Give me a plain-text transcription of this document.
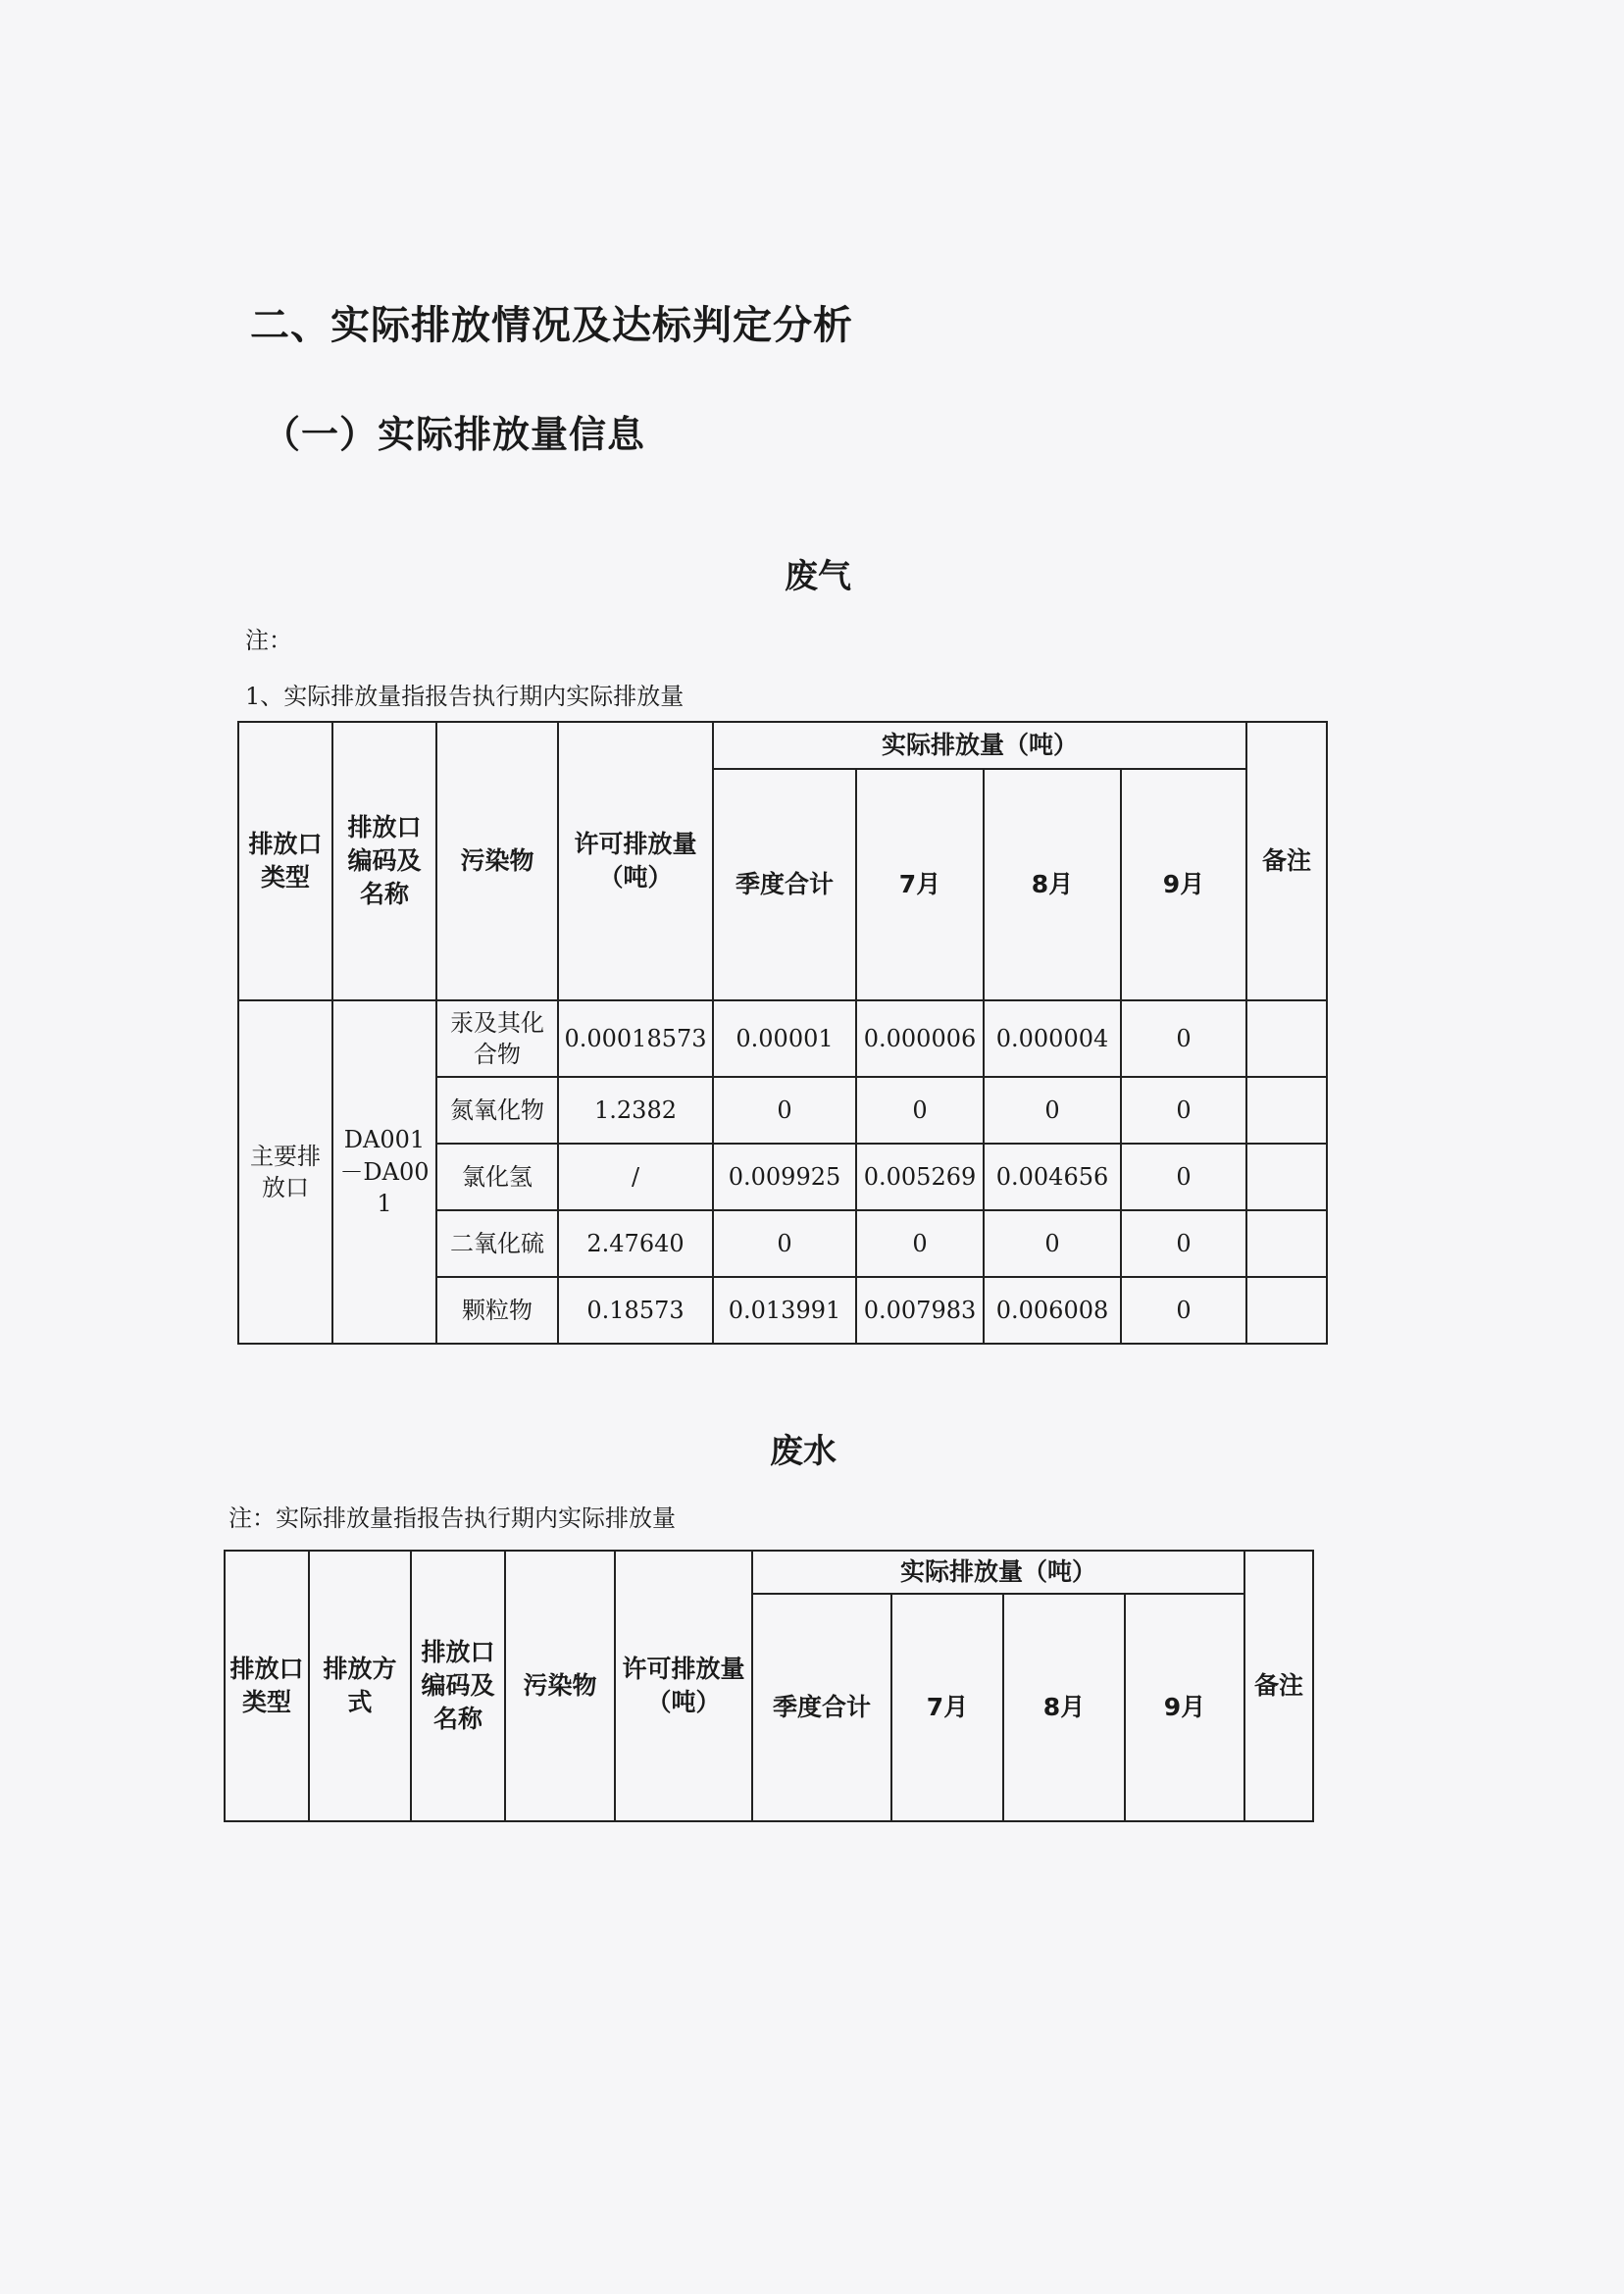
二、实际排放情况及达标判定分析
（一）实际排放量信息
废气
注：
1、实际排放量指报告执行期内实际排放量
排放口类型	排放口编码及名称	污染物	许可排放量（吨）	实际排放量（吨）				备注
				季度合计	7月	8月	9月	
主要排放口	DA001－DA001	汞及其化合物	0.00018573	0.00001	0.000006	0.000004	0	
		氮氧化物	1.2382	0	0	0	0	
		氯化氢	/	0.009925	0.005269	0.004656	0	
		二氧化硫	2.47640	0	0	0	0	
		颗粒物	0.18573	0.013991	0.007983	0.006008	0	
废水
注：实际排放量指报告执行期内实际排放量
排放口类型	排放方式	排放口编码及名称	污染物	许可排放量（吨）	实际排放量（吨）				备注
					季度合计	7月	8月	9月	
